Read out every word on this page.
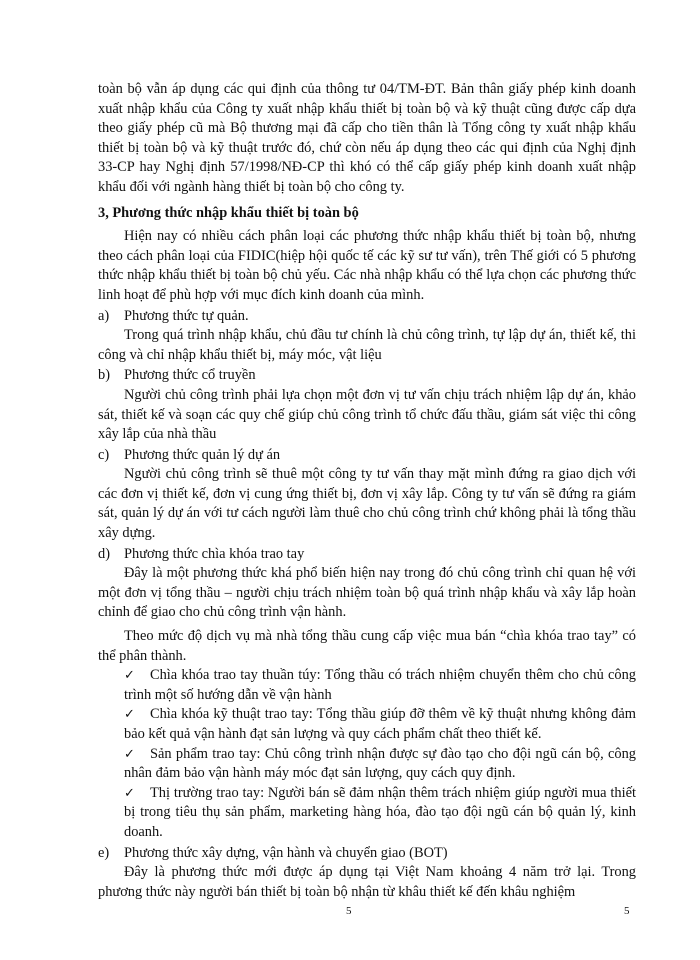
toàn bộ vẫn áp dụng các qui định của thông tư 04/TM-ĐT. Bản thân giấy phép kinh doanh xuất nhập khẩu của Công ty xuất nhập khẩu thiết bị toàn bộ và kỹ thuật cũng được cấp dựa theo giấy phép cũ mà Bộ thương mại đã cấp cho tiền thân là Tổng công ty xuất nhập khẩu thiết bị toàn bộ và kỹ thuật trước đó, chứ còn nếu áp dụng theo các qui định của Nghị định 33-CP hay Nghị định 57/1998/NĐ-CP thì khó có thể cấp giấy phép kinh doanh xuất nhập khẩu đối với ngành hàng thiết bị toàn bộ cho công ty.

3, Phương thức nhập khẩu thiết bị toàn bộ

Hiện nay có nhiều cách phân loại các phương thức nhập khẩu thiết bị toàn bộ, nhưng theo cách phân loại của FIDIC(hiệp hội quốc tế các kỹ sư tư vấn), trên Thế giới có 5 phương thức nhập khẩu thiết bị toàn bộ chủ yếu. Các nhà nhập khẩu có thể lựa chọn các phương thức linh hoạt để phù hợp với mục đích kinh doanh của mình.

a) Phương thức tự quản.

Trong quá trình nhập khẩu, chủ đầu tư chính là chủ công trình, tự lập dự án, thiết kế, thi công và chỉ nhập khẩu thiết bị, máy móc, vật liệu

b) Phương thức cổ truyền

Người chủ công trình phải lựa chọn một đơn vị tư vấn chịu trách nhiệm lập dự án, khảo sát, thiết kế và soạn các quy chế giúp chủ công trình tổ chức đấu thầu, giám sát việc thi công xây lắp của nhà thầu

c) Phương thức quản lý dự án

Người chủ công trình sẽ thuê một công ty tư vấn thay mặt mình đứng ra giao dịch với các đơn vị thiết kế, đơn vị cung ứng thiết bị, đơn vị xây lắp. Công ty tư vấn sẽ đứng ra giám sát, quản lý dự án với tư cách người làm thuê cho chủ công trình chứ không phải là tổng thầu xây dựng.

d) Phương thức chìa khóa trao tay

Đây là một phương thức khá phổ biến hiện nay trong đó chủ công trình chỉ quan hệ với một đơn vị tổng thầu – người chịu trách nhiệm toàn bộ quá trình nhập khẩu và xây lắp hoàn chỉnh để giao cho chủ công trình vận hành.

Theo mức độ dịch vụ mà nhà tổng thầu cung cấp việc mua bán “chìa khóa trao tay” có thể phân thành.

✓ Chìa khóa trao tay thuần túy: Tổng thầu có trách nhiệm chuyển thêm cho chủ công trình một số hướng dẫn về vận hành

✓ Chìa khóa kỹ thuật trao tay: Tổng thầu giúp đỡ thêm về kỹ thuật nhưng không đảm bảo kết quả vận hành đạt sản lượng và quy cách phẩm chất theo thiết kế.

✓ Sản phẩm trao tay: Chủ công trình nhận được sự đào tạo cho đội ngũ cán bộ, công nhân đảm bảo vận hành máy móc đạt sản lượng, quy cách quy định.

✓ Thị trường trao tay: Người bán sẽ đảm nhận thêm trách nhiệm giúp người mua thiết bị trong tiêu thụ sản phẩm, marketing hàng hóa, đào tạo đội ngũ cán bộ quản lý, kinh doanh.

e) Phương thức xây dựng, vận hành và chuyển giao (BOT)

Đây là phương thức mới được áp dụng tại Việt Nam khoảng 4 năm trở lại. Trong phương thức này người bán thiết bị toàn bộ nhận từ khâu thiết kế đến khâu nghiệm

5	5
